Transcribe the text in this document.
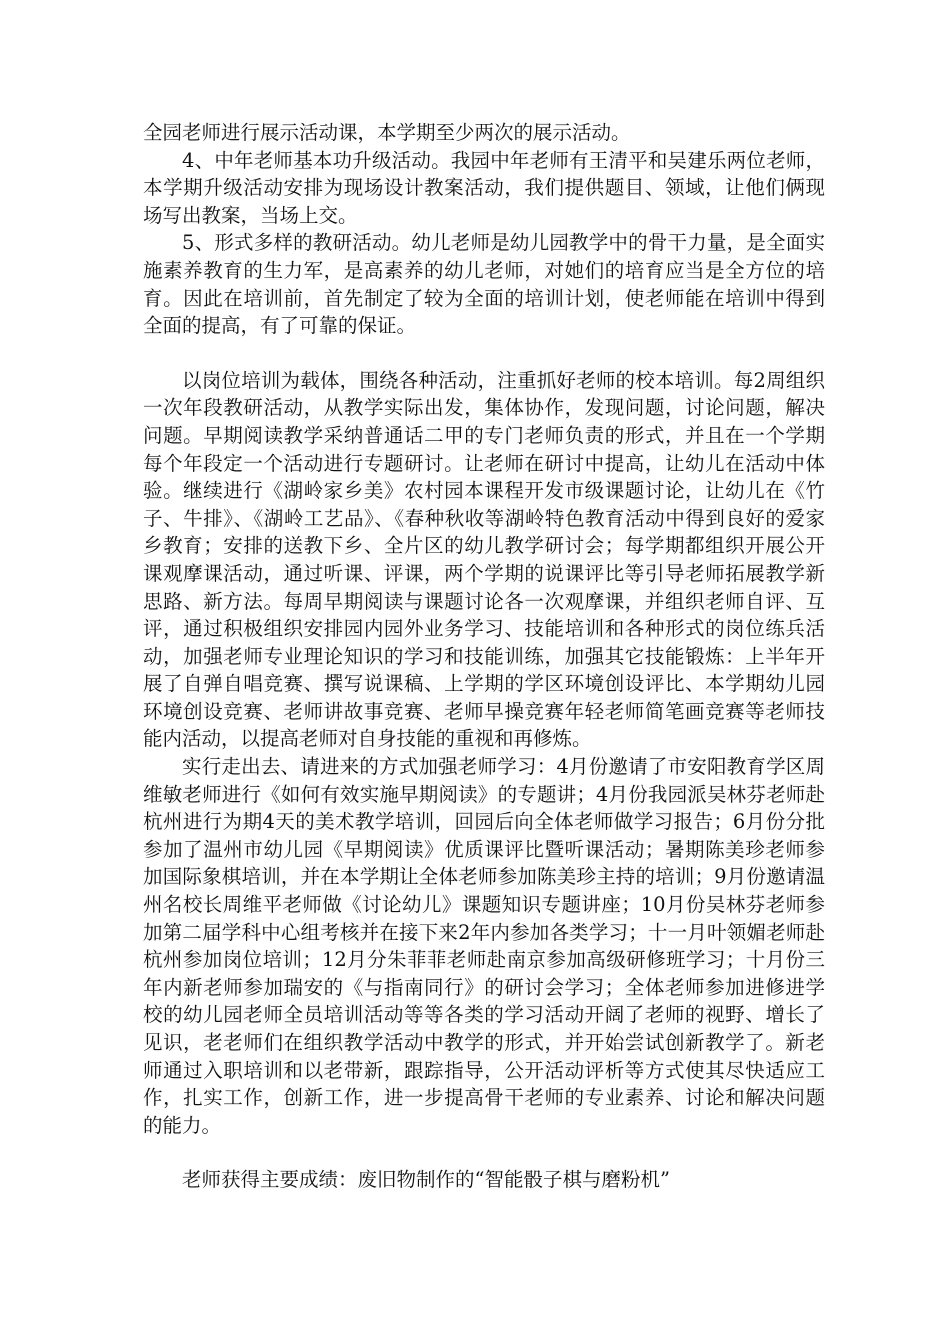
全园老师进行展示活动课，本学期至少两次的展示活动。

4、中年老师基本功升级活动。我园中年老师有王清平和吴建乐两位老师，本学期升级活动安排为现场设计教案活动，我们提供题目、领域，让他们俩现场写出教案，当场上交。

5、形式多样的教研活动。幼儿老师是幼儿园教学中的骨干力量，是全面实施素养教育的生力军，是高素养的幼儿老师，对她们的培育应当是全方位的培育。因此在培训前，首先制定了较为全面的培训计划，使老师能在培训中得到全面的提高，有了可靠的保证。

以岗位培训为载体，围绕各种活动，注重抓好老师的校本培训。每2周组织一次年段教研活动，从教学实际出发，集体协作，发现问题，讨论问题，解决问题。早期阅读教学采纳普通话二甲的专门老师负责的形式，并且在一个学期每个年段定一个活动进行专题研讨。让老师在研讨中提高，让幼儿在活动中体验。继续进行《湖岭家乡美》农村园本课程开发市级课题讨论，让幼儿在《竹子、牛排》、《湖岭工艺品》、《春种秋收等湖岭特色教育活动中得到良好的爱家乡教育；安排的送教下乡、全片区的幼儿教学研讨会；每学期都组织开展公开课观摩课活动，通过听课、评课，两个学期的说课评比等引导老师拓展教学新思路、新方法。每周早期阅读与课题讨论各一次观摩课，并组织老师自评、互评，通过积极组织安排园内园外业务学习、技能培训和各种形式的岗位练兵活动，加强老师专业理论知识的学习和技能训练，加强其它技能锻炼：上半年开展了自弹自唱竞赛、撰写说课稿、上学期的学区环境创设评比、本学期幼儿园环境创设竞赛、老师讲故事竞赛、老师早操竞赛年轻老师简笔画竞赛等老师技能内活动，以提高老师对自身技能的重视和再修炼。

实行走出去、请进来的方式加强老师学习：4月份邀请了市安阳教育学区周维敏老师进行《如何有效实施早期阅读》的专题讲；4月份我园派吴林芬老师赴杭州进行为期4天的美术教学培训，回园后向全体老师做学习报告；6月份分批参加了温州市幼儿园《早期阅读》优质课评比暨听课活动；暑期陈美珍老师参加国际象棋培训，并在本学期让全体老师参加陈美珍主持的培训；9月份邀请温州名校长周维平老师做《讨论幼儿》课题知识专题讲座；10月份吴林芬老师参加第二届学科中心组考核并在接下来2年内参加各类学习；十一月叶领媚老师赴杭州参加岗位培训；12月分朱菲菲老师赴南京参加高级研修班学习；十月份三年内新老师参加瑞安的《与指南同行》的研讨会学习；全体老师参加进修进学校的幼儿园老师全员培训活动等等各类的学习活动开阔了老师的视野、增长了见识，老老师们在组织教学活动中教学的形式，并开始尝试创新教学了。新老师通过入职培训和以老带新，跟踪指导，公开活动评析等方式使其尽快适应工作，扎实工作，创新工作，进一步提高骨干老师的专业素养、讨论和解决问题的能力。

老师获得主要成绩：废旧物制作的“智能骰子棋与磨粉机”
